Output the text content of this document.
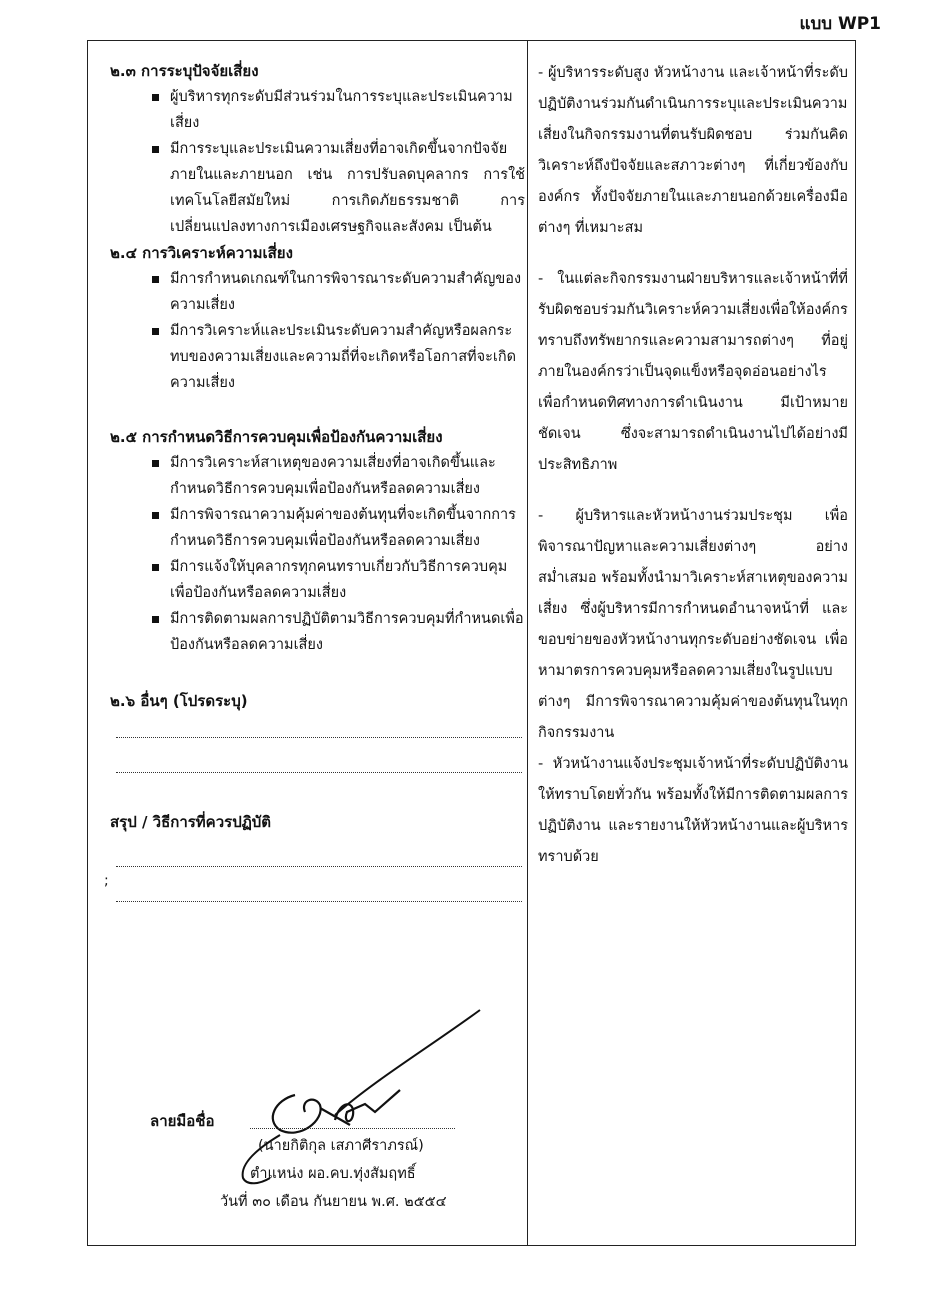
แบบ WP1
;
๒.๓ การระบุปัจจัยเสี่ยง
ผู้บริหารทุกระดับมีส่วนร่วมในการระบุและประเมินความเสี่ยง
มีการระบุและประเมินความเสี่ยงที่อาจเกิดขึ้นจากปัจจัยภายในและภายนอก เช่น การปรับลดบุคลากร การใช้เทคโนโลยีสมัยใหม่ การเกิดภัยธรรมชาติ การเปลี่ยนแปลงทางการเมืองเศรษฐกิจและสังคม เป็นต้น
๒.๔ การวิเคราะห์ความเสี่ยง
มีการกำหนดเกณฑ์ในการพิจารณาระดับความสำคัญของความเสี่ยง
มีการวิเคราะห์และประเมินระดับความสำคัญหรือผลกระทบของความเสี่ยงและความถี่ที่จะเกิดหรือโอกาสที่จะเกิดความเสี่ยง
๒.๕ การกำหนดวิธีการควบคุมเพื่อป้องกันความเสี่ยง
มีการวิเคราะห์สาเหตุของความเสี่ยงที่อาจเกิดขึ้นและกำหนดวิธีการควบคุมเพื่อป้องกันหรือลดความเสี่ยง
มีการพิจารณาความคุ้มค่าของต้นทุนที่จะเกิดขึ้นจากการกำหนดวิธีการควบคุมเพื่อป้องกันหรือลดความเสี่ยง
มีการแจ้งให้บุคลากรทุกคนทราบเกี่ยวกับวิธีการควบคุมเพื่อป้องกันหรือลดความเสี่ยง
มีการติดตามผลการปฏิบัติตามวิธีการควบคุมที่กำหนดเพื่อป้องกันหรือลดความเสี่ยง
๒.๖ อื่นๆ (โปรดระบุ)
สรุป / วิธีการที่ควรปฏิบัติ

- ผู้บริหารระดับสูง หัวหน้างาน และเจ้าหน้าที่ระดับปฏิบัติงานร่วมกันดำเนินการระบุและประเมินความเสี่ยงในกิจกรรมงานที่ตนรับผิดชอบ ร่วมกันคิดวิเคราะห์ถึงปัจจัยและสภาวะต่างๆ ที่เกี่ยวข้องกับองค์กร ทั้งปัจจัยภายในและภายนอกด้วยเครื่องมือต่างๆ ที่เหมาะสม

- ในแต่ละกิจกรรมงานฝ่ายบริหารและเจ้าหน้าที่ที่รับผิดชอบร่วมกันวิเคราะห์ความเสี่ยงเพื่อให้องค์กรทราบถึงทรัพยากรและความสามารถต่างๆ ที่อยู่ภายในองค์กรว่าเป็นจุดแข็งหรือจุดอ่อนอย่างไร เพื่อกำหนดทิศทางการดำเนินงาน มีเป้าหมายชัดเจน ซึ่งจะสามารถดำเนินงานไปได้อย่างมีประสิทธิภาพ

- ผู้บริหารและหัวหน้างานร่วมประชุม เพื่อพิจารณาปัญหาและความเสี่ยงต่างๆ อย่างสม่ำเสมอ พร้อมทั้งนำมาวิเคราะห์สาเหตุของความเสี่ยง ซึ่งผู้บริหารมีการกำหนดอำนาจหน้าที่ และขอบข่ายของหัวหน้างานทุกระดับอย่างชัดเจน เพื่อหามาตรการควบคุมหรือลดความเสี่ยงในรูปแบบต่างๆ มีการพิจารณาความคุ้มค่าของต้นทุนในทุกกิจกรรมงาน

- หัวหน้างานแจ้งประชุมเจ้าหน้าที่ระดับปฏิบัติงานให้ทราบโดยทั่วกัน พร้อมทั้งให้มีการติดตามผลการปฏิบัติงาน และรายงานให้หัวหน้างานและผู้บริหารทราบด้วย

ลายมือชื่อ
(นายกิติกุล เสภาศีราภรณ์)
ตำแหน่ง ผอ.คบ.ทุ่งสัมฤทธิ์
วันที่ ๓๐ เดือน กันยายน พ.ศ. ๒๕๕๔
